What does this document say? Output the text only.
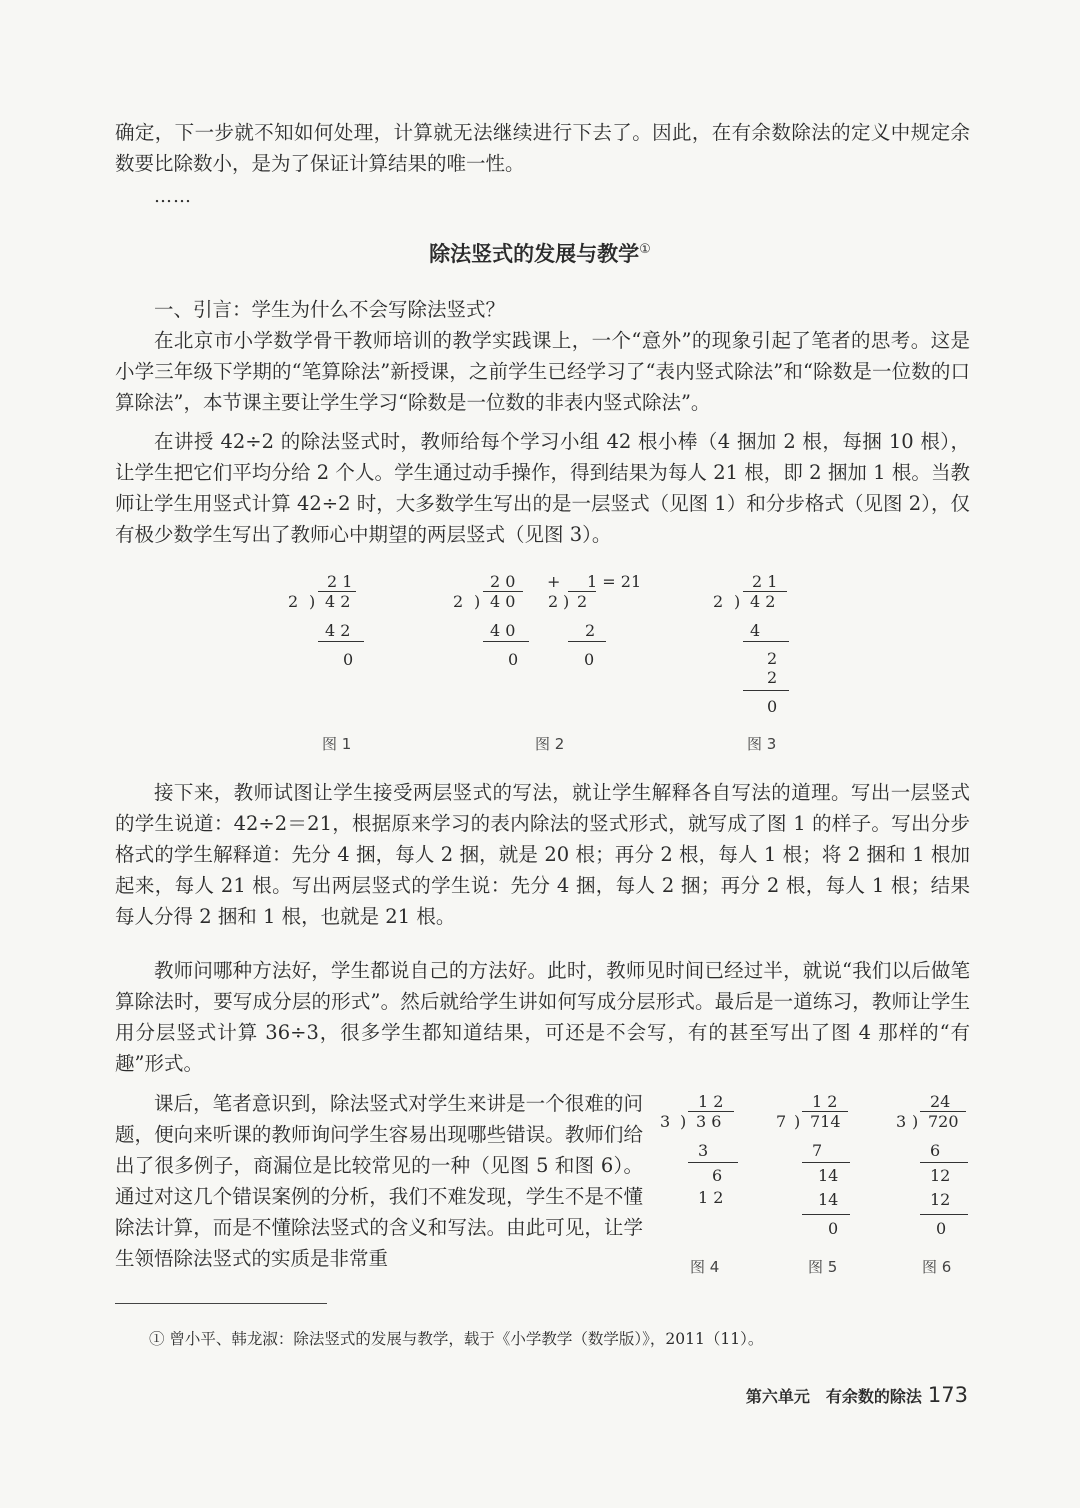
确定，下一步就不知如何处理，计算就无法继续进行下去了。因此，在有余数除法的定义中规定余数要比除数小，是为了保证计算结果的唯一性。

……
除法竖式的发展与教学①
一、引言：学生为什么不会写除法竖式？

在北京市小学数学骨干教师培训的教学实践课上，一个“意外”的现象引起了笔者的思考。这是小学三年级下学期的“笔算除法”新授课，之前学生已经学习了“表内竖式除法”和“除数是一位数的口算除法”，本节课主要让学生学习“除数是一位数的非表内竖式除法”。

在讲授 42÷2 的除法竖式时，教师给每个学习小组 42 根小棒（4 捆加 2 根，每捆 10 根），让学生把它们平均分给 2 个人。学生通过动手操作，得到结果为每人 21 根，即 2 捆加 1 根。当教师让学生用竖式计算 42÷2 时，大多数学生写出的是一层竖式（见图 1）和分步格式（见图 2），仅有极少数学生写出了教师心中期望的两层竖式（见图 3）。

2 1
2 ) 4 2
4 2
0
图 1
2 0 + 1 = 21
2 ) 4 0 2 ) 2
4 0	2
0	0
图 2
2 1
2 ) 4 2
4
2
2
0
图 3

接下来，教师试图让学生接受两层竖式的写法，就让学生解释各自写法的道理。写出一层竖式的学生说道：42÷2＝21，根据原来学习的表内除法的竖式形式，就写成了图 1 的样子。写出分步格式的学生解释道：先分 4 捆，每人 2 捆，就是 20 根；再分 2 根，每人 1 根；将 2 捆和 1 根加起来，每人 21 根。写出两层竖式的学生说：先分 4 捆，每人 2 捆；再分 2 根，每人 1 根；结果每人分得 2 捆和 1 根，也就是 21 根。

教师问哪种方法好，学生都说自己的方法好。此时，教师见时间已经过半，就说“我们以后做笔算除法时，要写成分层的形式”。然后就给学生讲如何写成分层形式。最后是一道练习，教师让学生用分层竖式计算 36÷3，很多学生都知道结果，可还是不会写，有的甚至写出了图 4 那样的“有趣”形式。

课后，笔者意识到，除法竖式对学生来讲是一个很难的问题，便向来听课的教师询问学生容易出现哪些错误。教师们给出了很多例子，商漏位是比较常见的一种（见图 5 和图 6）。通过对这几个错误案例的分析，我们不难发现，学生不是不懂除法计算，而是不懂除法竖式的含义和写法。由此可见，让学生领悟除法竖式的实质是非常重

1 2
3 ) 3 6
3
6
1 2
图 4
1 2
7 ) 714
7
14
14
0
图 5
24
3 ) 720
6
12
12
0
图 6
① 曾小平、韩龙淑：除法竖式的发展与教学，载于《小学教学（数学版）》，2011（11）。
第六单元　有余数的除法 173
